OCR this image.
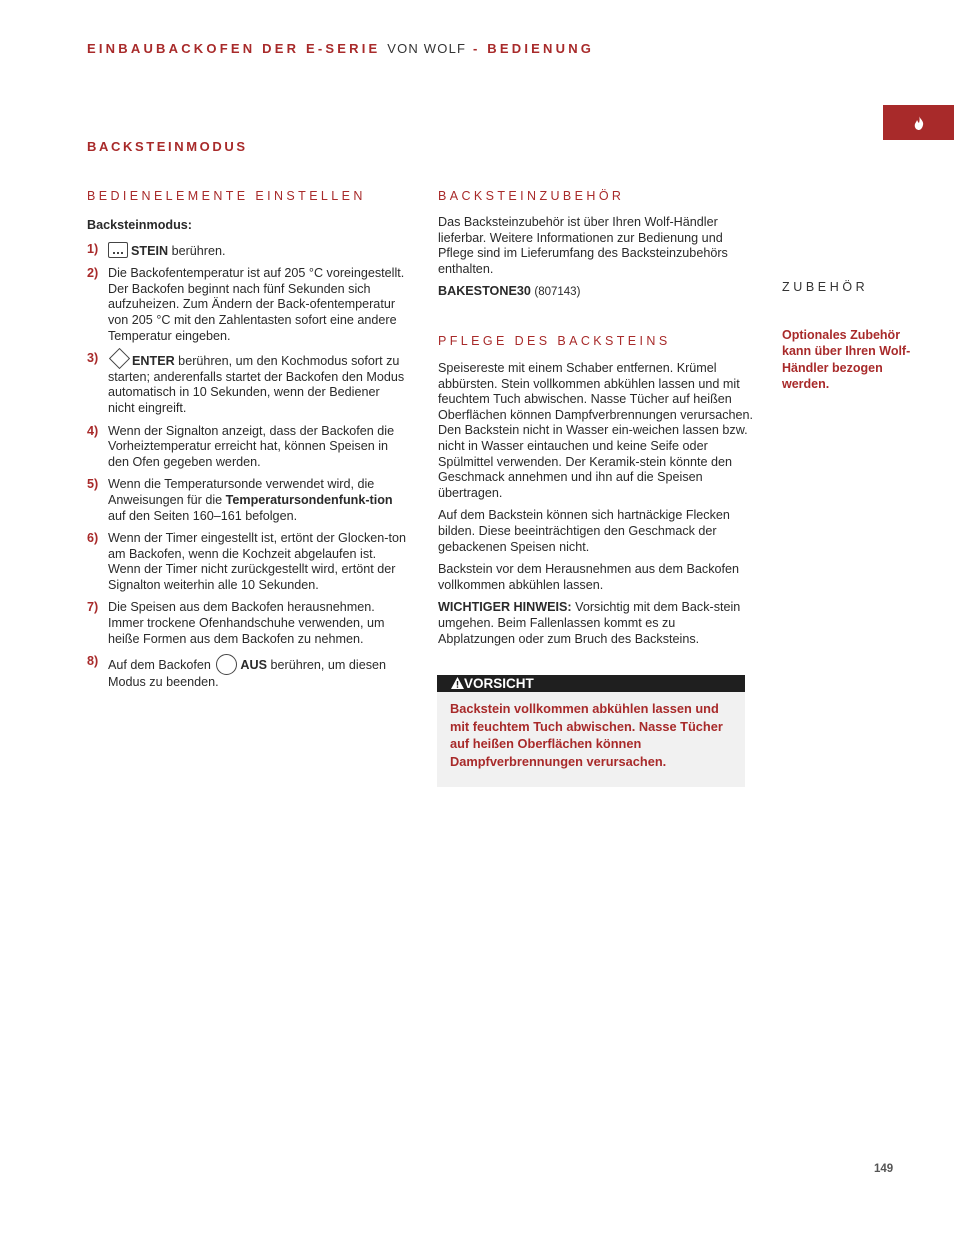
EINBAUBACKOFEN DER E-SERIE VON WOLF - BEDIENUNG
BACKSTEINMODUS
BEDIENELEMENTE EINSTELLEN
Backsteinmodus:
1)	STEIN berühren.
2) Die Backofentemperatur ist auf 205 °C voreingestellt. Der Backofen beginnt nach fünf Sekunden sich aufzuheizen. Zum Ändern der Back-ofentemperatur von 205 °C mit den Zahlentasten sofort eine andere Temperatur eingeben.
3)	ENTER berühren, um den Kochmodus sofort zu starten; anderenfalls startet der Backofen den Modus automatisch in 10 Sekunden, wenn der Bediener nicht eingreift.
4) Wenn der Signalton anzeigt, dass der Backofen die Vorheiztemperatur erreicht hat, können Speisen in den Ofen gegeben werden.
5) Wenn die Temperatursonde verwendet wird, die Anweisungen für die Temperatursondenfunk-tion auf den Seiten 160–161 befolgen.
6) Wenn der Timer eingestellt ist, ertönt der Glocken-ton am Backofen, wenn die Kochzeit abgelaufen ist. Wenn der Timer nicht zurückgestellt wird, ertönt der Signalton weiterhin alle 10 Sekunden.
7) Die Speisen aus dem Backofen herausnehmen. Immer trockene Ofenhandschuhe verwenden, um heiße Formen aus dem Backofen zu nehmen.
8) Auf dem Backofen AUS berühren, um diesen Modus zu beenden.
BACKSTEINZUBEHÖR

Das Backsteinzubehör ist über Ihren Wolf-Händler lieferbar. Weitere Informationen zur Bedienung und Pflege sind im Lieferumfang des Backsteinzubehörs enthalten.

BAKESTONE30 (807143)

PFLEGE DES BACKSTEINS

Speisereste mit einem Schaber entfernen. Krümel abbürsten. Stein vollkommen abkühlen lassen und mit feuchtem Tuch abwischen. Nasse Tücher auf heißen Oberflächen können Dampfverbrennungen verursachen. Den Backstein nicht in Wasser ein-weichen lassen bzw. nicht in Wasser eintauchen und keine Seife oder Spülmittel verwenden. Der Keramik-stein könnte den Geschmack annehmen und ihn auf die Speisen übertragen.

Auf dem Backstein können sich hartnäckige Flecken bilden. Diese beeinträchtigen den Geschmack der gebackenen Speisen nicht.

Backstein vor dem Herausnehmen aus dem Backofen vollkommen abkühlen lassen.

WICHTIGER HINWEIS: Vorsichtig mit dem Back-stein umgehen. Beim Fallenlassen kommt es zu Abplatzungen oder zum Bruch des Backsteins.

VORSICHT
Backstein vollkommen abkühlen lassen und mit feuchtem Tuch abwischen. Nasse Tücher auf heißen Oberflächen können Dampfverbrennungen verursachen.
ZUBEHÖR
Optionales Zubehör kann über Ihren Wolf-Händler bezogen werden.
149
